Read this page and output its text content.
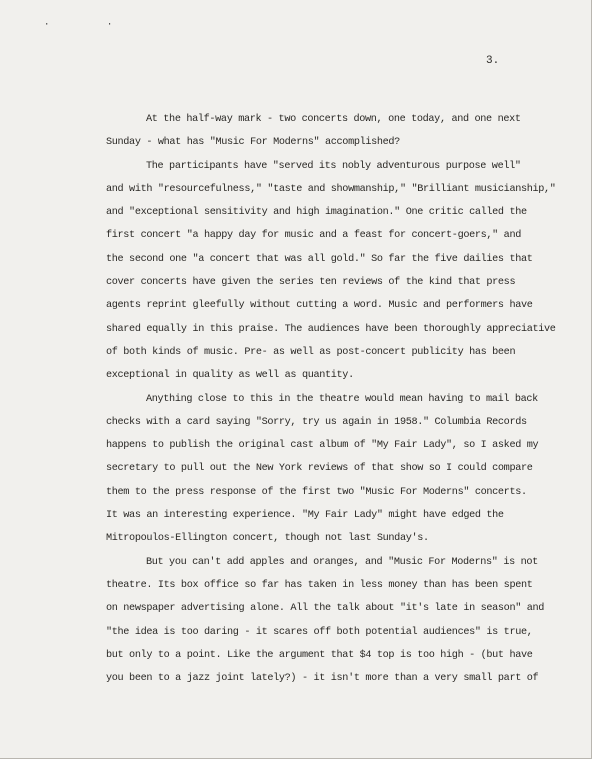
· ·
3.
At the half-way mark - two concerts down, one today, and one next
Sunday - what has "Music For Moderns" accomplished?
The participants have "served its nobly adventurous purpose well"
and with "resourcefulness," "taste and showmanship," "Brilliant musicianship,"
and "exceptional sensitivity and high imagination." One critic called the
first concert "a happy day for music and a feast for concert-goers," and
the second one "a concert that was all gold." So far the five dailies that
cover concerts have given the series ten reviews of the kind that press
agents reprint gleefully without cutting a word. Music and performers have
shared equally in this praise. The audiences have been thoroughly appreciative
of both kinds of music. Pre- as well as post-concert publicity has been
exceptional in quality as well as quantity.
Anything close to this in the theatre would mean having to mail back
checks with a card saying "Sorry, try us again in 1958." Columbia Records
happens to publish the original cast album of "My Fair Lady", so I asked my
secretary to pull out the New York reviews of that show so I could compare
them to the press response of the first two "Music For Moderns" concerts.
It was an interesting experience. "My Fair Lady" might have edged the
Mitropoulos-Ellington concert, though not last Sunday's.
But you can't add apples and oranges, and "Music For Moderns" is not
theatre. Its box office so far has taken in less money than has been spent
on newspaper advertising alone. All the talk about "it's late in season" and
"the idea is too daring - it scares off both potential audiences" is true,
but only to a point. Like the argument that $4 top is too high - (but have
you been to a jazz joint lately?) - it isn't more than a very small part of
